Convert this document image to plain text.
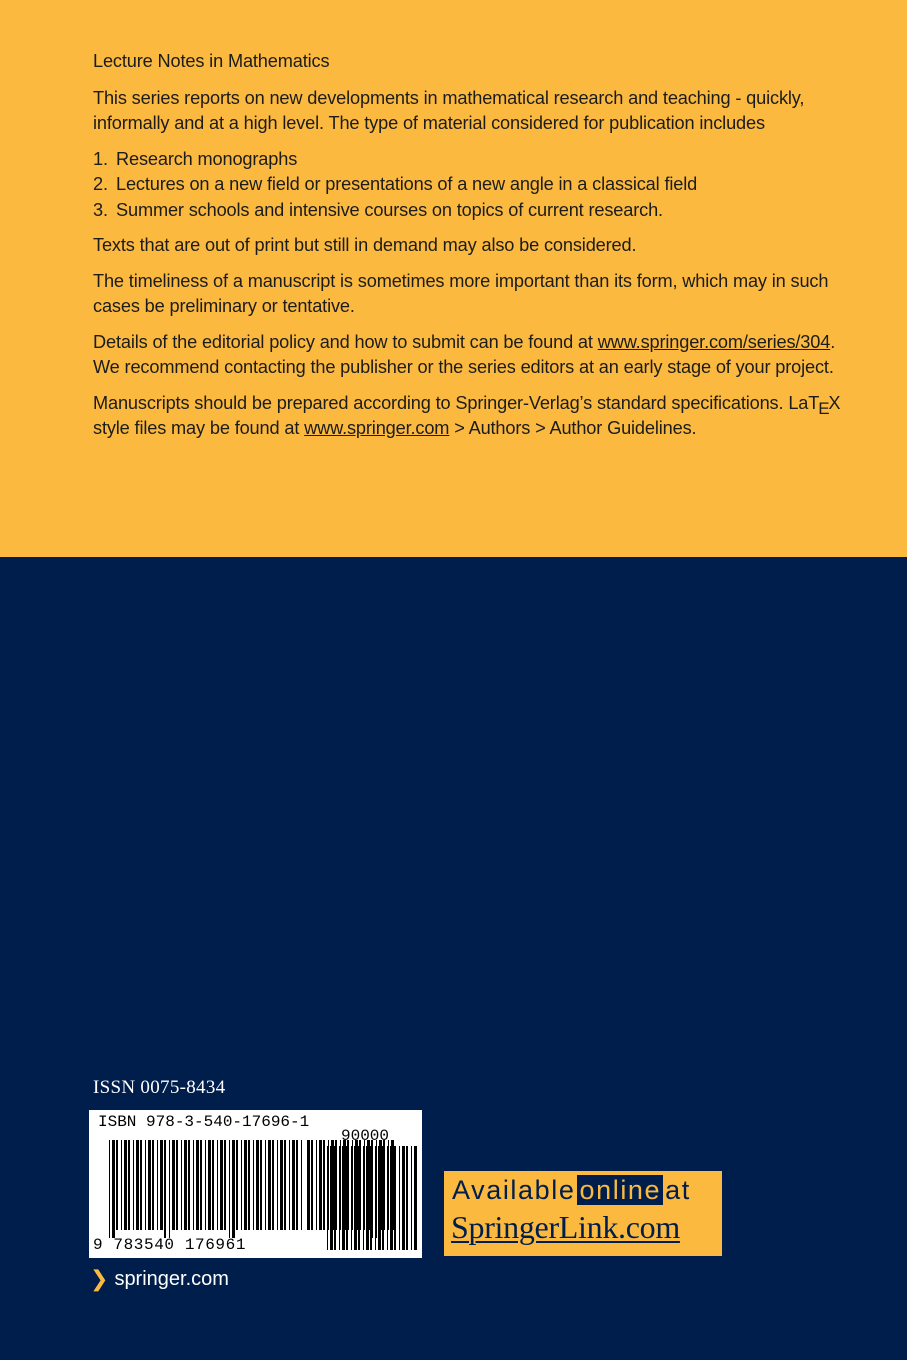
Lecture Notes in Mathematics

This series reports on new developments in mathematical research and teaching - quickly, informally and at a high level. The type of material considered for publication includes

1. Research monographs
2. Lectures on a new field or presentations of a new angle in a classical field
3. Summer schools and intensive courses on topics of current research.

Texts that are out of print but still in demand may also be considered.

The timeliness of a manuscript is sometimes more important than its form, which may in such cases be preliminary or tentative.

Details of the editorial policy and how to submit can be found at www.springer.com/series/304. We recommend contacting the publisher or the series editors at an early stage of your project.

Manuscripts should be prepared according to Springer-Verlag’s standard specifications. LaTEX style files may be found at www.springer.com > Authors > Author Guidelines.

ISSN 0075-8434
ISBN 978-3-540-17696-1
90000
9 783540 176961
❯ springer.com
Available online at
SpringerLink.com
